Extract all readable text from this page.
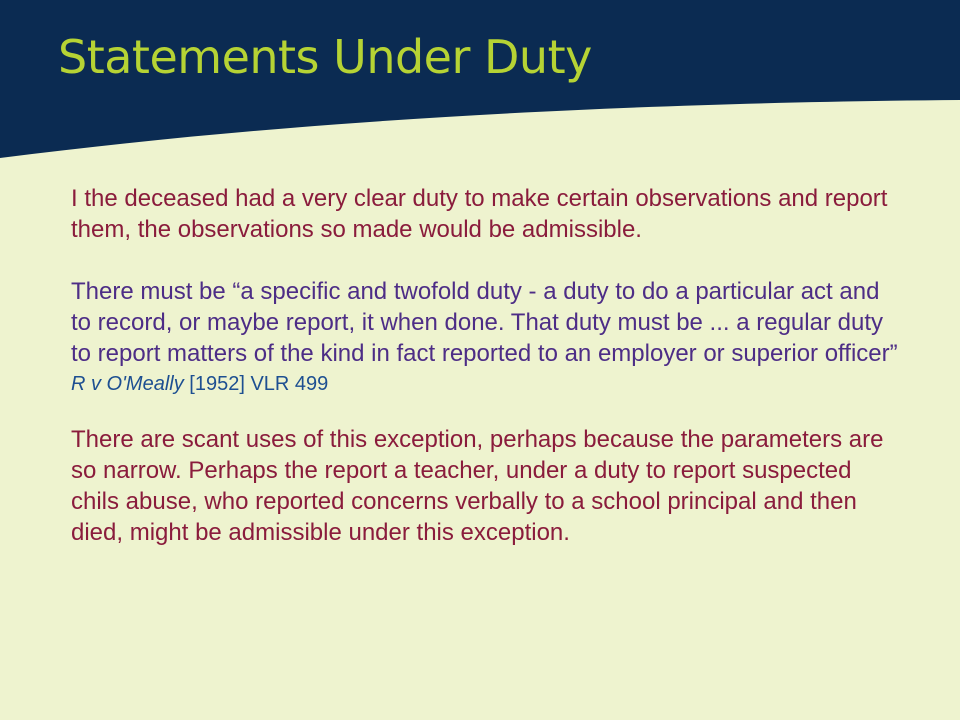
Statements Under Duty

I the deceased had a very clear duty to make certain observations and report them, the observations so made would be admissible.

There must be “a specific and twofold duty - a duty to do a particular act and to record, or maybe report, it when done. That duty must be ... a regular duty to report matters of the kind in fact reported to an employer or superior officer”

R v O'Meally [1952] VLR 499

There are scant uses of this exception, perhaps because the parameters are so narrow. Perhaps the report a teacher, under a duty to report suspected chils abuse, who reported concerns verbally to a school principal and then died, might be admissible under this exception.
